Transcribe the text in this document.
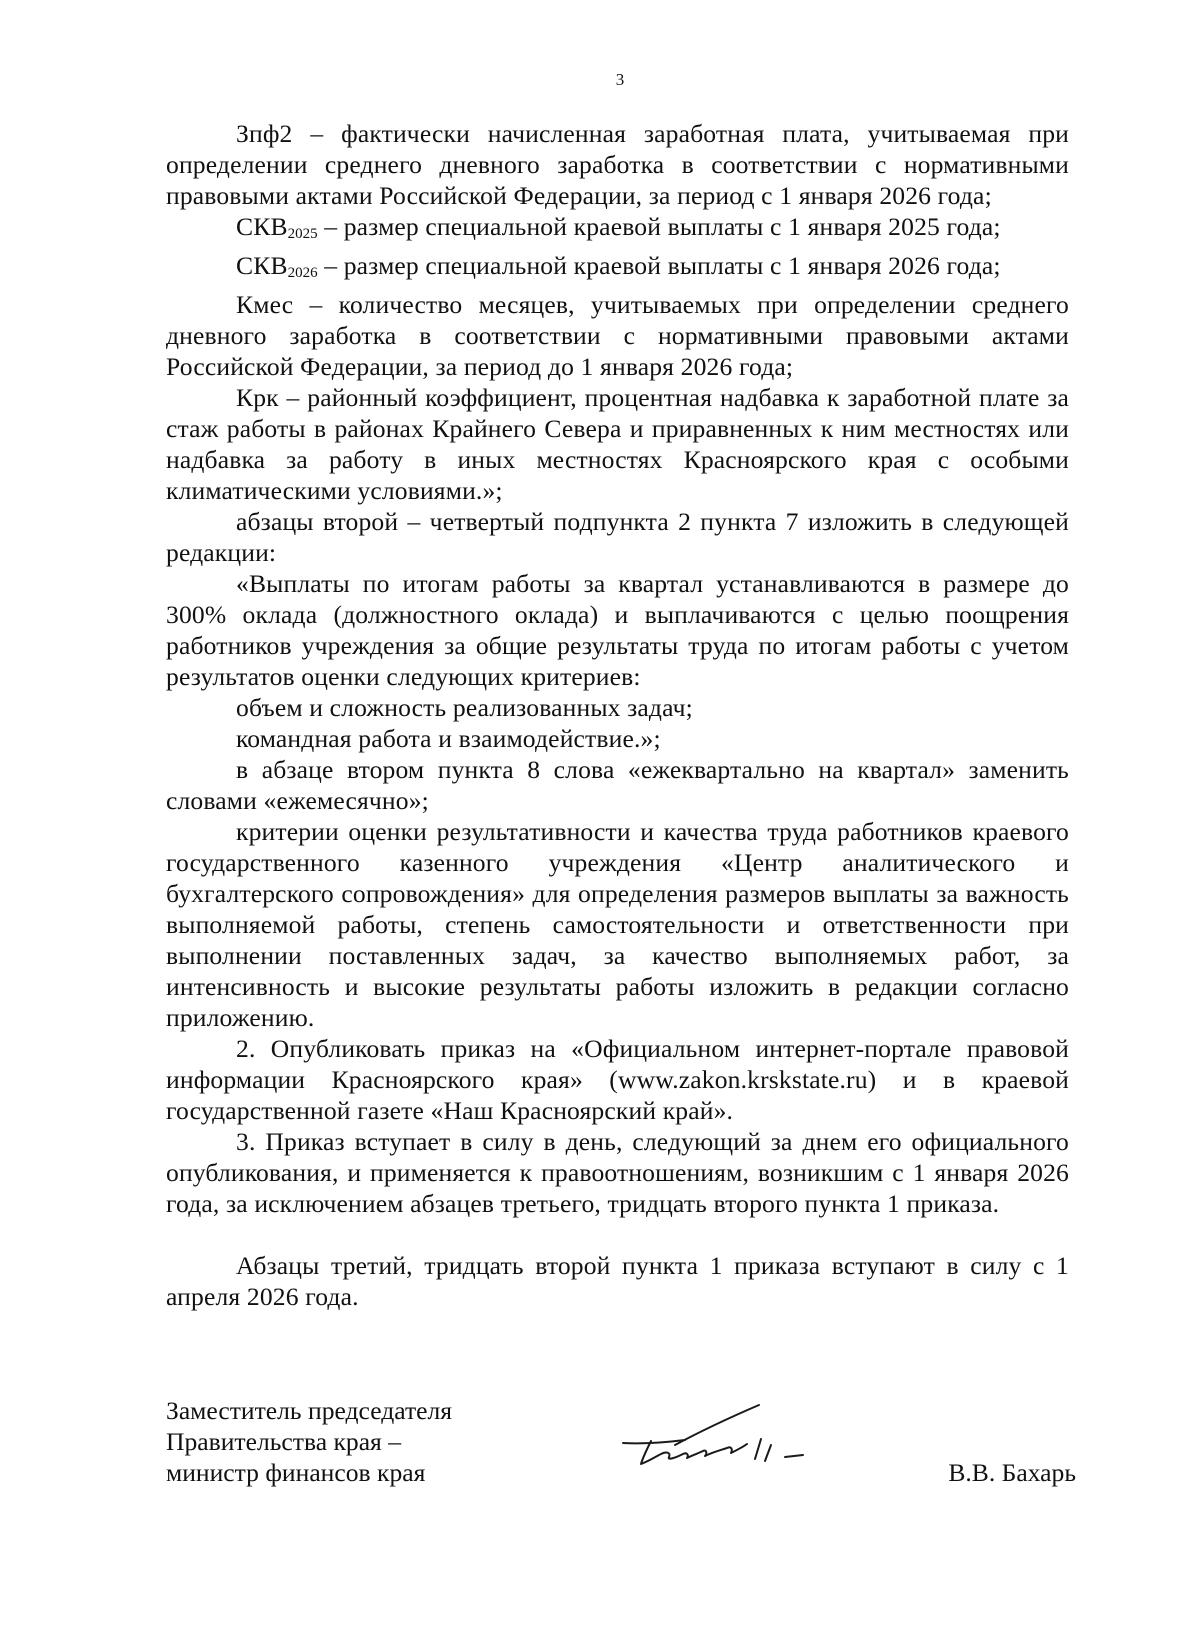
3

Зпф2 – фактически начисленная заработная плата, учитываемая при определении среднего дневного заработка в соответствии с нормативными правовыми актами Российской Федерации, за период с 1 января 2026 года;

$СКВ_{2025}$ – размер специальной краевой выплаты с 1 января 2025 года;

$СКВ_{2026}$ – размер специальной краевой выплаты с 1 января 2026 года;

Кмес – количество месяцев, учитываемых при определении среднего дневного заработка в соответствии с нормативными правовыми актами Российской Федерации, за период до 1 января 2026 года;

Крк – районный коэффициент, процентная надбавка к заработной плате за стаж работы в районах Крайнего Севера и приравненных к ним местностях или надбавка за работу в иных местностях Красноярского края с особыми климатическими условиями.»;

абзацы второй – четвертый подпункта 2 пункта 7 изложить в следующей редакции:

«Выплаты по итогам работы за квартал устанавливаются в размере до 300% оклада (должностного оклада) и выплачиваются с целью поощрения работников учреждения за общие результаты труда по итогам работы с учетом результатов оценки следующих критериев:

объем и сложность реализованных задач;

командная работа и взаимодействие.»;

в абзаце втором пункта 8 слова «ежеквартально на квартал» заменить словами «ежемесячно»;

критерии оценки результативности и качества труда работников краевого государственного казенного учреждения «Центр аналитического и бухгалтерского сопровождения» для определения размеров выплаты за важность выполняемой работы, степень самостоятельности и ответственности при выполнении поставленных задач, за качество выполняемых работ, за интенсивность и высокие результаты работы изложить в редакции согласно приложению.

2. Опубликовать приказ на «Официальном интернет-портале правовой информации Красноярского края» (www.zakon.krskstate.ru) и в краевой государственной газете «Наш Красноярский край».

3. Приказ вступает в силу в день, следующий за днем его официального опубликования, и применяется к правоотношениям, возникшим с 1 января 2026 года, за исключением абзацев третьего, тридцать второго пункта 1 приказа.

Абзацы третий, тридцать второй пункта 1 приказа вступают в силу с 1 апреля 2026 года.

Заместитель председателя
Правительства края –
министр финансов края	В.В. Бахарь
